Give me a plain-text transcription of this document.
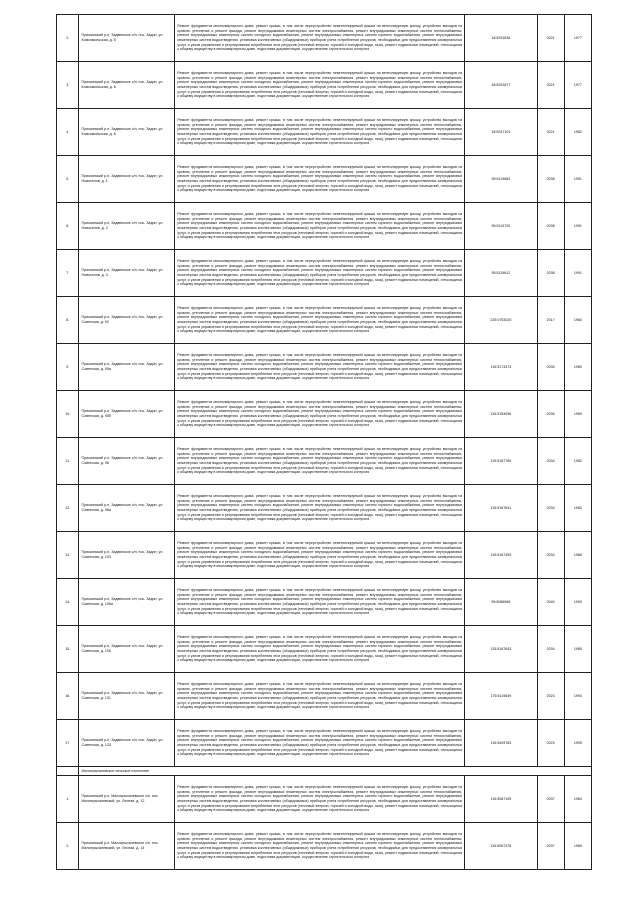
2.	Приокинский р-н, Задвинское с/п, пос. Задин, ул. Комсомольская, д. 5	Ремонт фундамента многоквартирного дома, ремонт крыши, в том числе переустройство невентилируемой крыши на вентилируемую крышу, устройство выходов на кровлю, утепление и ремонт фасада, ремонт внутридомовых инженерных систем электроснабжения, ремонт внутридомовых инженерных систем теплоснабжения, ремонт внутридомовых инженерных систем холодного водоснабжения, ремонт внутридомовых инженерных систем горячего водоснабжения, ремонт внутридомовых инженерных систем водоотведения, установка коллективных (общедомовых) приборов учета потребления ресурсов, необходимых для предоставления коммунальных услуг, и узлов управления и регулирования потребления этих ресурсов (тепловой энергии, горячей и холодной воды, газа), ремонт подвальных помещений, относящихся к общему имуществу в многоквартирном доме, подготовка документации, осуществление строительного контроля	18:5251836	2021	1977
3.	Приокинский р-н, Задвинское с/п, пос. Задин, ул. Комсомольская, д. 6	Ремонт фундамента многоквартирного дома, ремонт крыши, в том числе переустройство невентилируемой крыши на вентилируемую крышу, устройство выходов на кровлю, утепление и ремонт фасада, ремонт внутридомовых инженерных систем электроснабжения, ремонт внутридомовых инженерных систем теплоснабжения, ремонт внутридомовых инженерных систем холодного водоснабжения, ремонт внутридомовых инженерных систем горячего водоснабжения, ремонт внутридомовых инженерных систем водоотведения, установка коллективных (общедомовых) приборов учета потребления ресурсов, необходимых для предоставления коммунальных услуг, и узлов управления и регулирования потребления этих ресурсов (тепловой энергии, горячей и холодной воды, газа), ремонт подвальных помещений, относящихся к общему имуществу в многоквартирном доме, подготовка документации, осуществление строительного контроля	18:5251877	2021	1977
4.	Приокинский р-н, Задвинское с/п, пос. Задин, ул. Комсомольская, д. 8	Ремонт фундамента многоквартирного дома, ремонт крыши, в том числе переустройство невентилируемой крыши на вентилируемую крышу, устройство выходов на кровлю, утепление и ремонт фасада, ремонт внутридомовых инженерных систем электроснабжения, ремонт внутридомовых инженерных систем теплоснабжения, ремонт внутридомовых инженерных систем холодного водоснабжения, ремонт внутридомовых инженерных систем горячего водоснабжения, ремонт внутридомовых инженерных систем водоотведения, установка коллективных (общедомовых) приборов учета потребления ресурсов, необходимых для предоставления коммунальных услуг, и узлов управления и регулирования потребления этих ресурсов (тепловой энергии, горячей и холодной воды, газа), ремонт подвальных помещений, относящихся к общему имуществу в многоквартирном доме, подготовка документации, осуществление строительного контроля	18:5247101	2021	1982
5.	Приокинский р-н, Задвинское с/п, пос. Задин, ул. Новоселов, д. 1	Ремонт фундамента многоквартирного дома, ремонт крыши, в том числе переустройство невентилируемой крыши на вентилируемую крышу, устройство выходов на кровлю, утепление и ремонт фасада, ремонт внутридомовых инженерных систем электроснабжения, ремонт внутридомовых инженерных систем теплоснабжения, ремонт внутридомовых инженерных систем холодного водоснабжения, ремонт внутридомовых инженерных систем горячего водоснабжения, ремонт внутридомовых инженерных систем водоотведения, установка коллективных (общедомовых) приборов учета потребления ресурсов, необходимых для предоставления коммунальных услуг, и узлов управления и регулирования потребления этих ресурсов (тепловой энергии, горячей и холодной воды, газа), ремонт подвальных помещений, относящихся к общему имуществу в многоквартирном доме, подготовка документации, осуществление строительного контроля	95:5119683	2038	1991
6.	Приокинский р-н, Задвинское с/п, пос. Задин, ул. Новоселов, д. 2	Ремонт фундамента многоквартирного дома, ремонт крыши, в том числе переустройство невентилируемой крыши на вентилируемую крышу, устройство выходов на кровлю, утепление и ремонт фасада, ремонт внутридомовых инженерных систем электроснабжения, ремонт внутридомовых инженерных систем теплоснабжения, ремонт внутридомовых инженерных систем холодного водоснабжения, ремонт внутридомовых инженерных систем горячего водоснабжения, ремонт внутридомовых инженерных систем водоотведения, установка коллективных (общедомовых) приборов учета потребления ресурсов, необходимых для предоставления коммунальных услуг, и узлов управления и регулирования потребления этих ресурсов (тепловой энергии, горячей и холодной воды, газа), ремонт подвальных помещений, относящихся к общему имуществу в многоквартирном доме, подготовка документации, осуществление строительного контроля	95:5119725	2038	1991
7.	Приокинский р-н, Задвинское с/п, пос. Задин, ул. Новоселов, д. 3	Ремонт фундамента многоквартирного дома, ремонт крыши, в том числе переустройство невентилируемой крыши на вентилируемую крышу, устройство выходов на кровлю, утепление и ремонт фасада, ремонт внутридомовых инженерных систем электроснабжения, ремонт внутридомовых инженерных систем теплоснабжения, ремонт внутридомовых инженерных систем холодного водоснабжения, ремонт внутридомовых инженерных систем горячего водоснабжения, ремонт внутридомовых инженерных систем водоотведения, установка коллективных (общедомовых) приборов учета потребления ресурсов, необходимых для предоставления коммунальных услуг, и узлов управления и регулирования потребления этих ресурсов (тепловой энергии, горячей и холодной воды, газа), ремонт подвальных помещений, относящихся к общему имуществу в многоквартирном доме, подготовка документации, осуществление строительного контроля	95:5119612	2038	1991
8.	Приокинский р-н, Задвинское с/п, пос. Задин, ул. Советская, д. 92	Ремонт фундамента многоквартирного дома, ремонт крыши, в том числе переустройство невентилируемой крыши на вентилируемую крышу, устройство выходов на кровлю, утепление и ремонт фасада, ремонт внутридомовых инженерных систем электроснабжения, ремонт внутридомовых инженерных систем теплоснабжения, ремонт внутридомовых инженерных систем холодного водоснабжения, ремонт внутридомовых инженерных систем горячего водоснабжения, ремонт внутридомовых инженерных систем водоотведения, установка коллективных (общедомовых) приборов учета потребления ресурсов, необходимых для предоставления коммунальных услуг, и узлов управления и регулирования потребления этих ресурсов (тепловой энергии, горячей и холодной воды, газа), ремонт подвальных помещений, относящихся к общему имуществу в многоквартирном доме, подготовка документации, осуществление строительного контроля	225:0753025	2017	1984
9.	Приокинский р-н, Задвинское с/п, пос. Задин, ул. Советская, д. 95а	Ремонт фундамента многоквартирного дома, ремонт крыши, в том числе переустройство невентилируемой крыши на вентилируемую крышу, устройство выходов на кровлю, утепление и ремонт фасада, ремонт внутридомовых инженерных систем электроснабжения, ремонт внутридомовых инженерных систем теплоснабжения, ремонт внутридомовых инженерных систем холодного водоснабжения, ремонт внутридомовых инженерных систем горячего водоснабжения, ремонт внутридомовых инженерных систем водоотведения, установка коллективных (общедомовых) приборов учета потребления ресурсов, необходимых для предоставления коммунальных услуг, и узлов управления и регулирования потребления этих ресурсов (тепловой энергии, горячей и холодной воды, газа), ремонт подвальных помещений, относящихся к общему имуществу в многоквартирном доме, подготовка документации, осуществление строительного контроля	115:5173373	2035	1989
10.	Приокинский р-н, Задвинское с/п, пос. Задин, ул. Советская, д. 95б	Ремонт фундамента многоквартирного дома, ремонт крыши, в том числе переустройство невентилируемой крыши на вентилируемую крышу, устройство выходов на кровлю, утепление и ремонт фасада, ремонт внутридомовых инженерных систем электроснабжения, ремонт внутридомовых инженерных систем теплоснабжения, ремонт внутридомовых инженерных систем холодного водоснабжения, ремонт внутридомовых инженерных систем горячего водоснабжения, ремонт внутридомовых инженерных систем водоотведения, установка коллективных (общедомовых) приборов учета потребления ресурсов, необходимых для предоставления коммунальных услуг, и узлов управления и регулирования потребления этих ресурсов (тепловой энергии, горячей и холодной воды, газа), ремонт подвальных помещений, относящихся к общему имуществу в многоквартирном доме, подготовка документации, осуществление строительного контроля	115:5154096	2035	1989
11.	Приокинский р-н, Задвинское с/п, пос. Задин, ул. Советская, д. 98	Ремонт фундамента многоквартирного дома, ремонт крыши, в том числе переустройство невентилируемой крыши на вентилируемую крышу, устройство выходов на кровлю, утепление и ремонт фасада, ремонт внутридомовых инженерных систем электроснабжения, ремонт внутридомовых инженерных систем теплоснабжения, ремонт внутридомовых инженерных систем холодного водоснабжения, ремонт внутридомовых инженерных систем горячего водоснабжения, ремонт внутридомовых инженерных систем водоотведения, установка коллективных (общедомовых) приборов учета потребления ресурсов, необходимых для предоставления коммунальных услуг, и узлов управления и регулирования потребления этих ресурсов (тепловой энергии, горячей и холодной воды, газа), ремонт подвальных помещений, относящихся к общему имуществу в многоквартирном доме, подготовка документации, осуществление строительного контроля	115:5187765	2034	1982
12.	Приокинский р-н, Задвинское с/п, пос. Задин, ул. Советская, д. 98а	Ремонт фундамента многоквартирного дома, ремонт крыши, в том числе переустройство невентилируемой крыши на вентилируемую крышу, устройство выходов на кровлю, утепление и ремонт фасада, ремонт внутридомовых инженерных систем электроснабжения, ремонт внутридомовых инженерных систем теплоснабжения, ремонт внутридомовых инженерных систем холодного водоснабжения, ремонт внутридомовых инженерных систем горячего водоснабжения, ремонт внутридомовых инженерных систем водоотведения, установка коллективных (общедомовых) приборов учета потребления ресурсов, необходимых для предоставления коммунальных услуг, и узлов управления и регулирования потребления этих ресурсов (тепловой энергии, горячей и холодной воды, газа), ремонт подвальных помещений, относящихся к общему имуществу в многоквартирном доме, подготовка документации, осуществление строительного контроля	115:5187641	2034	1983
13.	Приокинский р-н, Задвинское с/п, пос. Задин, ул. Советская, д. 103	Ремонт фундамента многоквартирного дома, ремонт крыши, в том числе переустройство невентилируемой крыши на вентилируемую крышу, устройство выходов на кровлю, утепление и ремонт фасада, ремонт внутридомовых инженерных систем электроснабжения, ремонт внутридомовых инженерных систем теплоснабжения, ремонт внутридомовых инженерных систем холодного водоснабжения, ремонт внутридомовых инженерных систем горячего водоснабжения, ремонт внутридомовых инженерных систем водоотведения, установка коллективных (общедомовых) приборов учета потребления ресурсов, необходимых для предоставления коммунальных услуг, и узлов управления и регулирования потребления этих ресурсов (тепловой энергии, горячей и холодной воды, газа), ремонт подвальных помещений, относящихся к общему имуществу в многоквартирном доме, подготовка документации, осуществление строительного контроля	115:5187459	2034	1986
14.	Приокинский р-н, Задвинское с/п, пос. Задин, ул. Советская, д. 105а	Ремонт фундамента многоквартирного дома, ремонт крыши, в том числе переустройство невентилируемой крыши на вентилируемую крышу, устройство выходов на кровлю, утепление и ремонт фасада, ремонт внутридомовых инженерных систем электроснабжения, ремонт внутридомовых инженерных систем теплоснабжения, ремонт внутридомовых инженерных систем холодного водоснабжения, ремонт внутридомовых инженерных систем горячего водоснабжения, ремонт внутридомовых инженерных систем водоотведения, установка коллективных (общедомовых) приборов учета потребления ресурсов, необходимых для предоставления коммунальных услуг, и узлов управления и регулирования потребления этих ресурсов (тепловой энергии, горячей и холодной воды, газа), ремонт подвальных помещений, относящихся к общему имуществу в многоквартирном доме, подготовка документации, осуществление строительного контроля	95:5086968	2040	1993
15.	Приокинский р-н, Задвинское с/п, пос. Задин, ул. Советская, д. 106	Ремонт фундамента многоквартирного дома, ремонт крыши, в том числе переустройство невентилируемой крыши на вентилируемую крышу, устройство выходов на кровлю, утепление и ремонт фасада, ремонт внутридомовых инженерных систем электроснабжения, ремонт внутридомовых инженерных систем теплоснабжения, ремонт внутридомовых инженерных систем холодного водоснабжения, ремонт внутридомовых инженерных систем горячего водоснабжения, ремонт внутридомовых инженерных систем водоотведения, установка коллективных (общедомовых) приборов учета потребления ресурсов, необходимых для предоставления коммунальных услуг, и узлов управления и регулирования потребления этих ресурсов (тепловой энергии, горячей и холодной воды, газа), ремонт подвальных помещений, относящихся к общему имуществу в многоквартирном доме, подготовка документации, осуществление строительного контроля	115:5167643	2034	1985
16.	Приокинский р-н, Задвинское с/п, пос. Задин, ул. Советская, д. 131	Ремонт фундамента многоквартирного дома, ремонт крыши, в том числе переустройство невентилируемой крыши на вентилируемую крышу, устройство выходов на кровлю, утепление и ремонт фасада, ремонт внутридомовых инженерных систем электроснабжения, ремонт внутридомовых инженерных систем теплоснабжения, ремонт внутридомовых инженерных систем холодного водоснабжения, ремонт внутридомовых инженерных систем горячего водоснабжения, ремонт внутридомовых инженерных систем водоотведения, установка коллективных (общедомовых) приборов учета потребления ресурсов, необходимых для предоставления коммунальных услуг, и узлов управления и регулирования потребления этих ресурсов (тепловой энергии, горячей и холодной воды, газа), ремонт подвальных помещений, относящихся к общему имуществу в многоквартирном доме, подготовка документации, осуществление строительного контроля	175:5119849	2023	1993
17.	Приокинский р-н, Задвинское с/п, пос. Задин, ул. Советская, д. 133	Ремонт фундамента многоквартирного дома, ремонт крыши, в том числе переустройство невентилируемой крыши на вентилируемую крышу, устройство выходов на кровлю, утепление и ремонт фасада, ремонт внутридомовых инженерных систем электроснабжения, ремонт внутридомовых инженерных систем теплоснабжения, ремонт внутридомовых инженерных систем холодного водоснабжения, ремонт внутридомовых инженерных систем горячего водоснабжения, ремонт внутридомовых инженерных систем водоотведения, установка коллективных (общедомовых) приборов учета потребления ресурсов, необходимых для предоставления коммунальных услуг, и узлов управления и регулирования потребления этих ресурсов (тепловой энергии, горячей и холодной воды, газа), ремонт подвальных помещений, относящихся к общему имуществу в многоквартирном доме, подготовка документации, осуществление строительного контроля	115:5409783	2023	1995
	Малоерыхалевское сельское поселение				
1.	Приокинский р-н, Малоерыхалевское с/п, пос. Малоерыхалевский, ул. Лесная, д. 12	Ремонт фундамента многоквартирного дома, ремонт крыши, в том числе переустройство невентилируемой крыши на вентилируемую крышу, устройство выходов на кровлю, утепление и ремонт фасада, ремонт внутридомовых инженерных систем электроснабжения, ремонт внутридомовых инженерных систем теплоснабжения, ремонт внутридомовых инженерных систем холодного водоснабжения, ремонт внутридомовых инженерных систем горячего водоснабжения, ремонт внутридомовых инженерных систем водоотведения, установка коллективных (общедомовых) приборов учета потребления ресурсов, необходимых для предоставления коммунальных услуг, и узлов управления и регулирования потребления этих ресурсов (тепловой энергии, горячей и холодной воды, газа), ремонт подвальных помещений, относящихся к общему имуществу в многоквартирном доме, подготовка документации, осуществление строительного контроля	115:5087195	2037	1984
2.	Приокинский р-н, Малоерыхалевское с/п, пос. Малоерыхалевский, ул. Лесная, д. 14	Ремонт фундамента многоквартирного дома, ремонт крыши, в том числе переустройство невентилируемой крыши на вентилируемую крышу, устройство выходов на кровлю, утепление и ремонт фасада, ремонт внутридомовых инженерных систем электроснабжения, ремонт внутридомовых инженерных систем теплоснабжения, ремонт внутридомовых инженерных систем холодного водоснабжения, ремонт внутридомовых инженерных систем горячего водоснабжения, ремонт внутридомовых инженерных систем водоотведения, установка коллективных (общедомовых) приборов учета потребления ресурсов, необходимых для предоставления коммунальных услуг, и узлов управления и регулирования потребления этих ресурсов (тепловой энергии, горячей и холодной воды, газа), ремонт подвальных помещений, относящихся к общему имуществу в многоквартирном доме, подготовка документации, осуществление строительного контроля	115:5067378	2037	1985
